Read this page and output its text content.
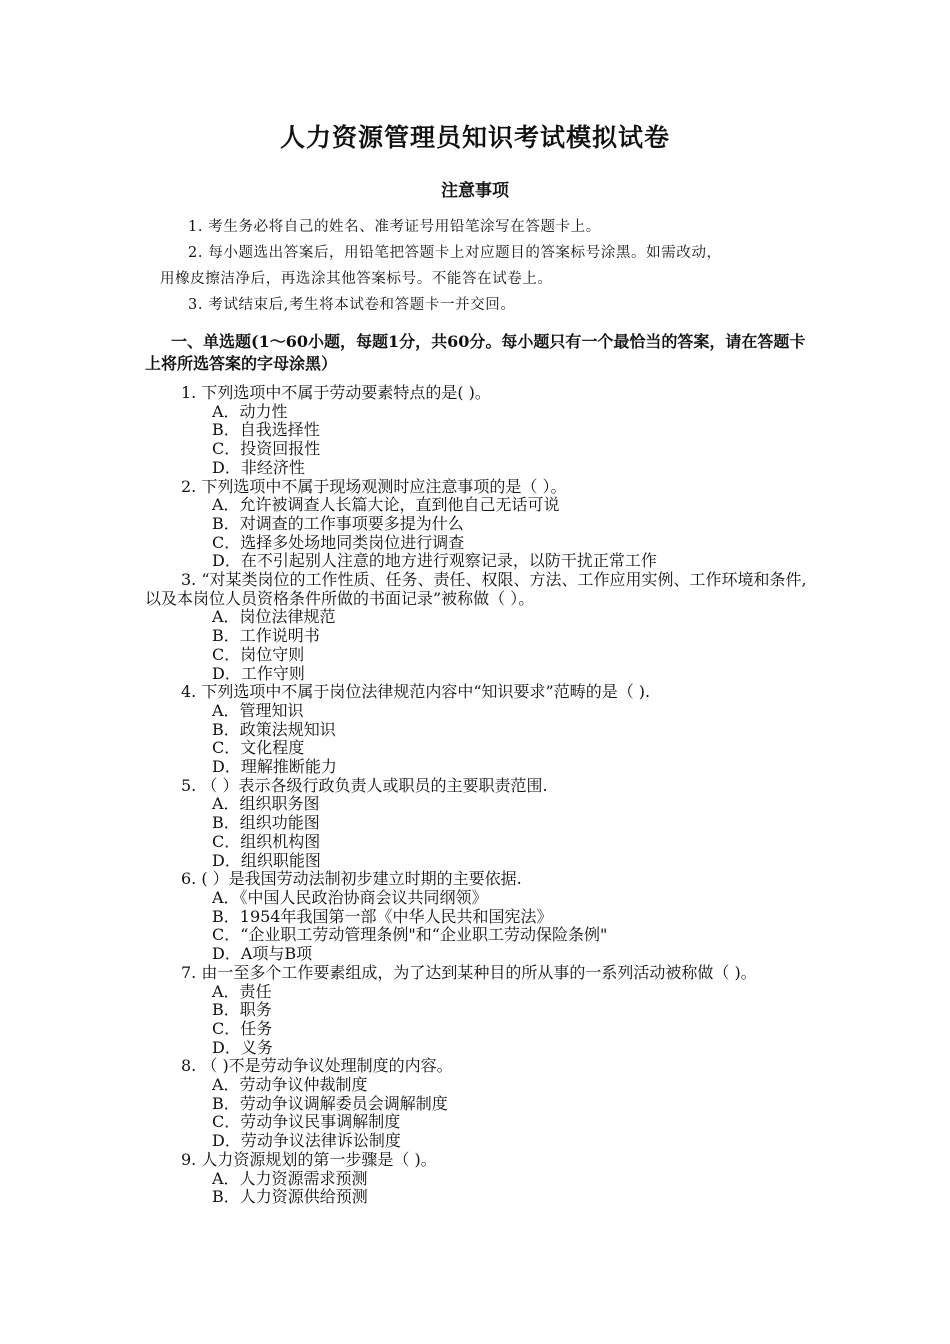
人力资源管理员知识考试模拟试卷
注意事项
1. 考生务必将自己的姓名、准考证号用铅笔涂写在答题卡上。
2. 每小题选出答案后，用铅笔把答题卡上对应题目的答案标号涂黑。如需改动，
用橡皮擦洁净后，再选涂其他答案标号。不能答在试卷上。
3. 考试结束后,考生将本试卷和答题卡一并交回。
一、单选题(1～60小题，每题1分，共60分。每小题只有一个最恰当的答案，请在答题卡上将所选答案的字母涂黑）
1. 下列选项中不属于劳动要素特点的是( )。
A．动力性
B．自我选择性
C．投资回报性
D．非经济性
2. 下列选项中不属于现场观测时应注意事项的是（ ）。
A．允许被调查人长篇大论，直到他自己无话可说
B．对调查的工作事项要多提为什么
C．选择多处场地同类岗位进行调查
D．在不引起别人注意的地方进行观察记录，以防干扰正常工作
3. “对某类岗位的工作性质、任务、责任、权限、方法、工作应用实例、工作环境和条件,以及本岗位人员资格条件所做的书面记录”被称做（ ）。
A．岗位法律规范
B．工作说明书
C．岗位守则
D．工作守则
4. 下列选项中不属于岗位法律规范内容中“知识要求”范畴的是（ ).
A．管理知识
B．政策法规知识
C．文化程度
D．理解推断能力
5. （ ）表示各级行政负责人或职员的主要职责范围.
A．组织职务图
B．组织功能图
C．组织机构图
D．组织职能图
6. ( ）是我国劳动法制初步建立时期的主要依据.
A．《中国人民政治协商会议共同纲领》
B．1954年我国第一部《中华人民共和国宪法》
C．“企业职工劳动管理条例"和“企业职工劳动保险条例"
D．A项与B项
7. 由一至多个工作要素组成，为了达到某种目的所从事的一系列活动被称做（ )。
A．责任
B．职务
C．任务
D．义务
8. （ )不是劳动争议处理制度的内容。
A．劳动争议仲裁制度
B．劳动争议调解委员会调解制度
C．劳动争议民事调解制度
D．劳动争议法律诉讼制度
9. 人力资源规划的第一步骤是（ )。
A．人力资源需求预测
B．人力资源供给预测
